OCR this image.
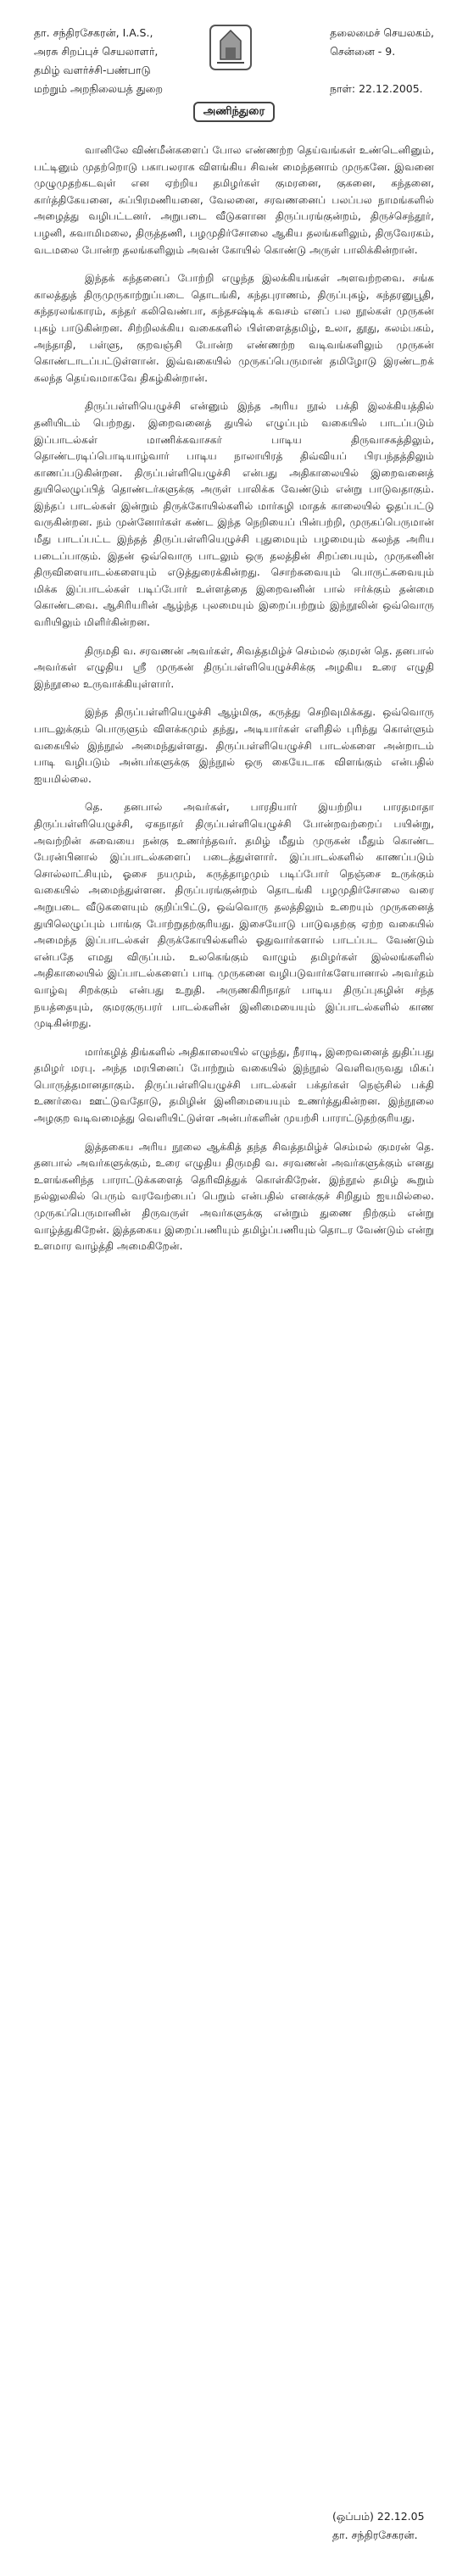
தா. சந்திரசேகரன், I.A.S.,
அரசு சிறப்புச் செயலாளர்,
தமிழ் வளர்ச்சி-பண்பாடு
மற்றும் அறநிலையத் துறை
தலைமைச் செயலகம்,
சென்னை - 9.

நாள்: 22.12.2005.
அணிந்துரை

வானிலே விண்மீன்களைப் போல எண்ணற்ற தெய்வங்கள் உண்டெனினும், பட்டினும் முதற்றொடு பகாபலராக விளங்கிய சிவன் மைந்தனாம் முருகனே. இவனை முழுமுதற்கடவுள் என ஏற்றிய தமிழர்கள் குமரனை, குகனை, கந்தனை, கார்த்திகேயனை, சுப்பிரமணியனை, வேலனை, சரவணனைப் பலப்பல நாமங்களில் அழைத்து வழிபட்டனர். அறுபடை வீடுகளான திருப்பரங்குன்றம், திருச்செந்தூர், பழனி, சுவாமிமலை, திருத்தணி, பழமுதிர்சோலை ஆகிய தலங்களிலும், திருவேரகம், வடமலை போன்ற தலங்களிலும் அவன் கோயில் கொண்டு அருள் பாலிக்கின்றான்.

இந்தக் கந்தனைப் போற்றி எழுந்த இலக்கியங்கள் அளவற்றவை. சங்க காலத்துத் திருமுருகாற்றுப்படை தொடங்கி, கந்தபுராணம், திருப்புகழ், கந்தரனுபூதி, கந்தரலங்காரம், கந்தர் கலிவெண்பா, கந்தசஷ்டிக் கவசம் எனப் பல நூல்கள் முருகன் புகழ் பாடுகின்றன. சிற்றிலக்கிய வகைகளில் பிள்ளைத்தமிழ், உலா, தூது, கலம்பகம், அந்தாதி, பள்ளு, குறவஞ்சி போன்ற எண்ணற்ற வடிவங்களிலும் முருகன் கொண்டாடப்பட்டுள்ளான். இவ்வகையில் முருகப்பெருமான் தமிழோடு இரண்டறக் கலந்த தெய்வமாகவே திகழ்கின்றான்.

திருப்பள்ளியெழுச்சி என்னும் இந்த அரிய நூல் பக்தி இலக்கியத்தில் தனியிடம் பெற்றது. இறைவனைத் துயில் எழுப்பும் வகையில் பாடப்படும் இப்பாடல்கள் மாணிக்கவாசகர் பாடிய திருவாசகத்திலும், தொண்டரடிப்பொடியாழ்வார் பாடிய நாலாயிரத் திவ்வியப் பிரபந்தத்திலும் காணப்படுகின்றன. திருப்பள்ளியெழுச்சி என்பது அதிகாலையில் இறைவனைத் துயிலெழுப்பித் தொண்டர்களுக்கு அருள் பாலிக்க வேண்டும் என்று பாடுவதாகும். இந்தப் பாடல்கள் இன்றும் திருக்கோயில்களில் மார்கழி மாதக் காலையில் ஓதப்பட்டு வருகின்றன. நம் முன்னோர்கள் கண்ட இந்த நெறியைப் பின்பற்றி, முருகப்பெருமான் மீது பாடப்பட்ட இந்தத் திருப்பள்ளியெழுச்சி புதுமையும் பழமையும் கலந்த அரிய படைப்பாகும். இதன் ஒவ்வொரு பாடலும் ஒரு தலத்தின் சிறப்பையும், முருகனின் திருவிளையாடல்களையும் எடுத்துரைக்கின்றது. சொற்சுவையும் பொருட்சுவையும் மிக்க இப்பாடல்கள் படிப்போர் உள்ளத்தை இறைவனின் பால் ஈர்க்கும் தன்மை கொண்டவை. ஆசிரியரின் ஆழ்ந்த புலமையும் இறைப்பற்றும் இந்நூலின் ஒவ்வொரு வரியிலும் மிளிர்கின்றன.

திருமதி வ. சரவணன் அவர்கள், சிவத்தமிழ்ச் செம்மல் குமரன் தெ. தனபால் அவர்கள் எழுதிய ஸ்ரீ முருகன் திருப்பள்ளியெழுச்சிக்கு அழகிய உரை எழுதி இந்நூலை உருவாக்கியுள்ளார்.

இந்த திருப்பள்ளியெழுச்சி ஆழ்மிகு, கருத்து செறிவுமிக்கது. ஒவ்வொரு பாடலுக்கும் பொருளும் விளக்கமும் தந்து, அடியார்கள் எளிதில் புரிந்து கொள்ளும் வகையில் இந்நூல் அமைந்துள்ளது. திருப்பள்ளியெழுச்சி பாடல்களை அன்றாடம் பாடி வழிபடும் அன்பர்களுக்கு இந்நூல் ஒரு கையேடாக விளங்கும் என்பதில் ஐயமில்லை.

தெ. தனபால் அவர்கள், பாரதியார் இயற்றிய பாரதமாதா திருப்பள்ளியெழுச்சி, ஏகநாதர் திருப்பள்ளியெழுச்சி போன்றவற்றைப் பயின்று, அவற்றின் சுவையை நன்கு உணர்ந்தவர். தமிழ் மீதும் முருகன் மீதும் கொண்ட பேரன்பினால் இப்பாடல்களைப் படைத்துள்ளார். இப்பாடல்களில் காணப்படும் சொல்லாட்சியும், ஓசை நயமும், கருத்தாழமும் படிப்போர் நெஞ்சை உருக்கும் வகையில் அமைந்துள்ளன. திருப்பரங்குன்றம் தொடங்கி பழமுதிர்சோலை வரை அறுபடை வீடுகளையும் குறிப்பிட்டு, ஒவ்வொரு தலத்திலும் உறையும் முருகனைத் துயிலெழுப்பும் பாங்கு போற்றுதற்குரியது. இசையோடு பாடுவதற்கு ஏற்ற வகையில் அமைந்த இப்பாடல்கள் திருக்கோயில்களில் ஓதுவார்களால் பாடப்பட வேண்டும் என்பதே எமது விருப்பம். உலகெங்கும் வாழும் தமிழர்கள் இல்லங்களில் அதிகாலையில் இப்பாடல்களைப் பாடி முருகனை வழிபடுவார்களேயானால் அவர்தம் வாழ்வு சிறக்கும் என்பது உறுதி. அருணகிரிநாதர் பாடிய திருப்புகழின் சந்த நயத்தையும், குமரகுருபரர் பாடல்களின் இனிமையையும் இப்பாடல்களில் காண முடிகின்றது.

மார்கழித் திங்களில் அதிகாலையில் எழுந்து, நீராடி, இறைவனைத் துதிப்பது தமிழர் மரபு. அந்த மரபினைப் போற்றும் வகையில் இந்நூல் வெளிவருவது மிகப் பொருத்தமானதாகும். திருப்பள்ளியெழுச்சி பாடல்கள் பக்தர்கள் நெஞ்சில் பக்தி உணர்வை ஊட்டுவதோடு, தமிழின் இனிமையையும் உணர்த்துகின்றன. இந்நூலை அழகுற வடிவமைத்து வெளியிட்டுள்ள அன்பர்களின் முயற்சி பாராட்டுதற்குரியது.

இத்தகைய அரிய நூலை ஆக்கித் தந்த சிவத்தமிழ்ச் செம்மல் குமரன் தெ. தனபால் அவர்களுக்கும், உரை எழுதிய திருமதி வ. சரவணன் அவர்களுக்கும் எனது உளங்கனிந்த பாராட்டுக்களைத் தெரிவித்துக் கொள்கிறேன். இந்நூல் தமிழ் கூறும் நல்லுலகில் பெரும் வரவேற்பைப் பெறும் என்பதில் எனக்குச் சிறிதும் ஐயமில்லை. முருகப்பெருமானின் திருவருள் அவர்களுக்கு என்றும் துணை நிற்கும் என்று வாழ்த்துகிறேன். இத்தகைய இறைப்பணியும் தமிழ்ப்பணியும் தொடர வேண்டும் என்று உளமார வாழ்த்தி அமைகிறேன்.

(ஒப்பம்) 22.12.05
தா. சந்திரசேகரன்.
